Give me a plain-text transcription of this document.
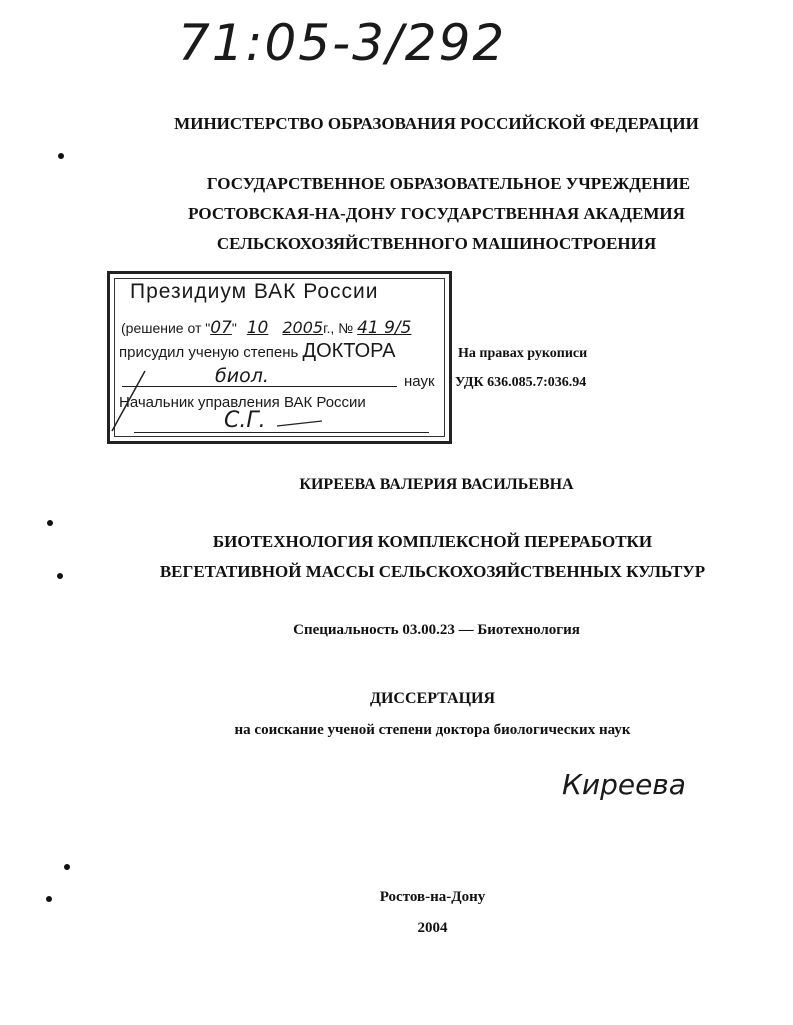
71:05-3/292
МИНИСТЕРСТВО ОБРАЗОВАНИЯ РОССИЙСКОЙ ФЕДЕРАЦИИ
ГОСУДАРСТВЕННОЕ ОБРАЗОВАТЕЛЬНОЕ УЧРЕЖДЕНИЕ
РОСТОВСКАЯ-НА-ДОНУ ГОСУДАРСТВЕННАЯ АКАДЕМИЯ
СЕЛЬСКОХОЗЯЙСТВЕННОГО МАШИНОСТРОЕНИЯ
Президиум ВАК России
(решение от "07" 10 2005г., № 41 9/5
присудил ученую степень ДОКТОРА
биол.	наук
Начальник управления ВАК России
С.Г.
На правах рукописи
УДК 636.085.7:036.94
КИРЕЕВА ВАЛЕРИЯ ВАСИЛЬЕВНА
БИОТЕХНОЛОГИЯ КОМПЛЕКСНОЙ ПЕРЕРАБОТКИ
ВЕГЕТАТИВНОЙ МАССЫ СЕЛЬСКОХОЗЯЙСТВЕННЫХ КУЛЬТУР
Специальность 03.00.23 — Биотехнология
ДИССЕРТАЦИЯ
на соискание ученой степени доктора биологических наук
Киреева
Ростов-на-Дону
2004
